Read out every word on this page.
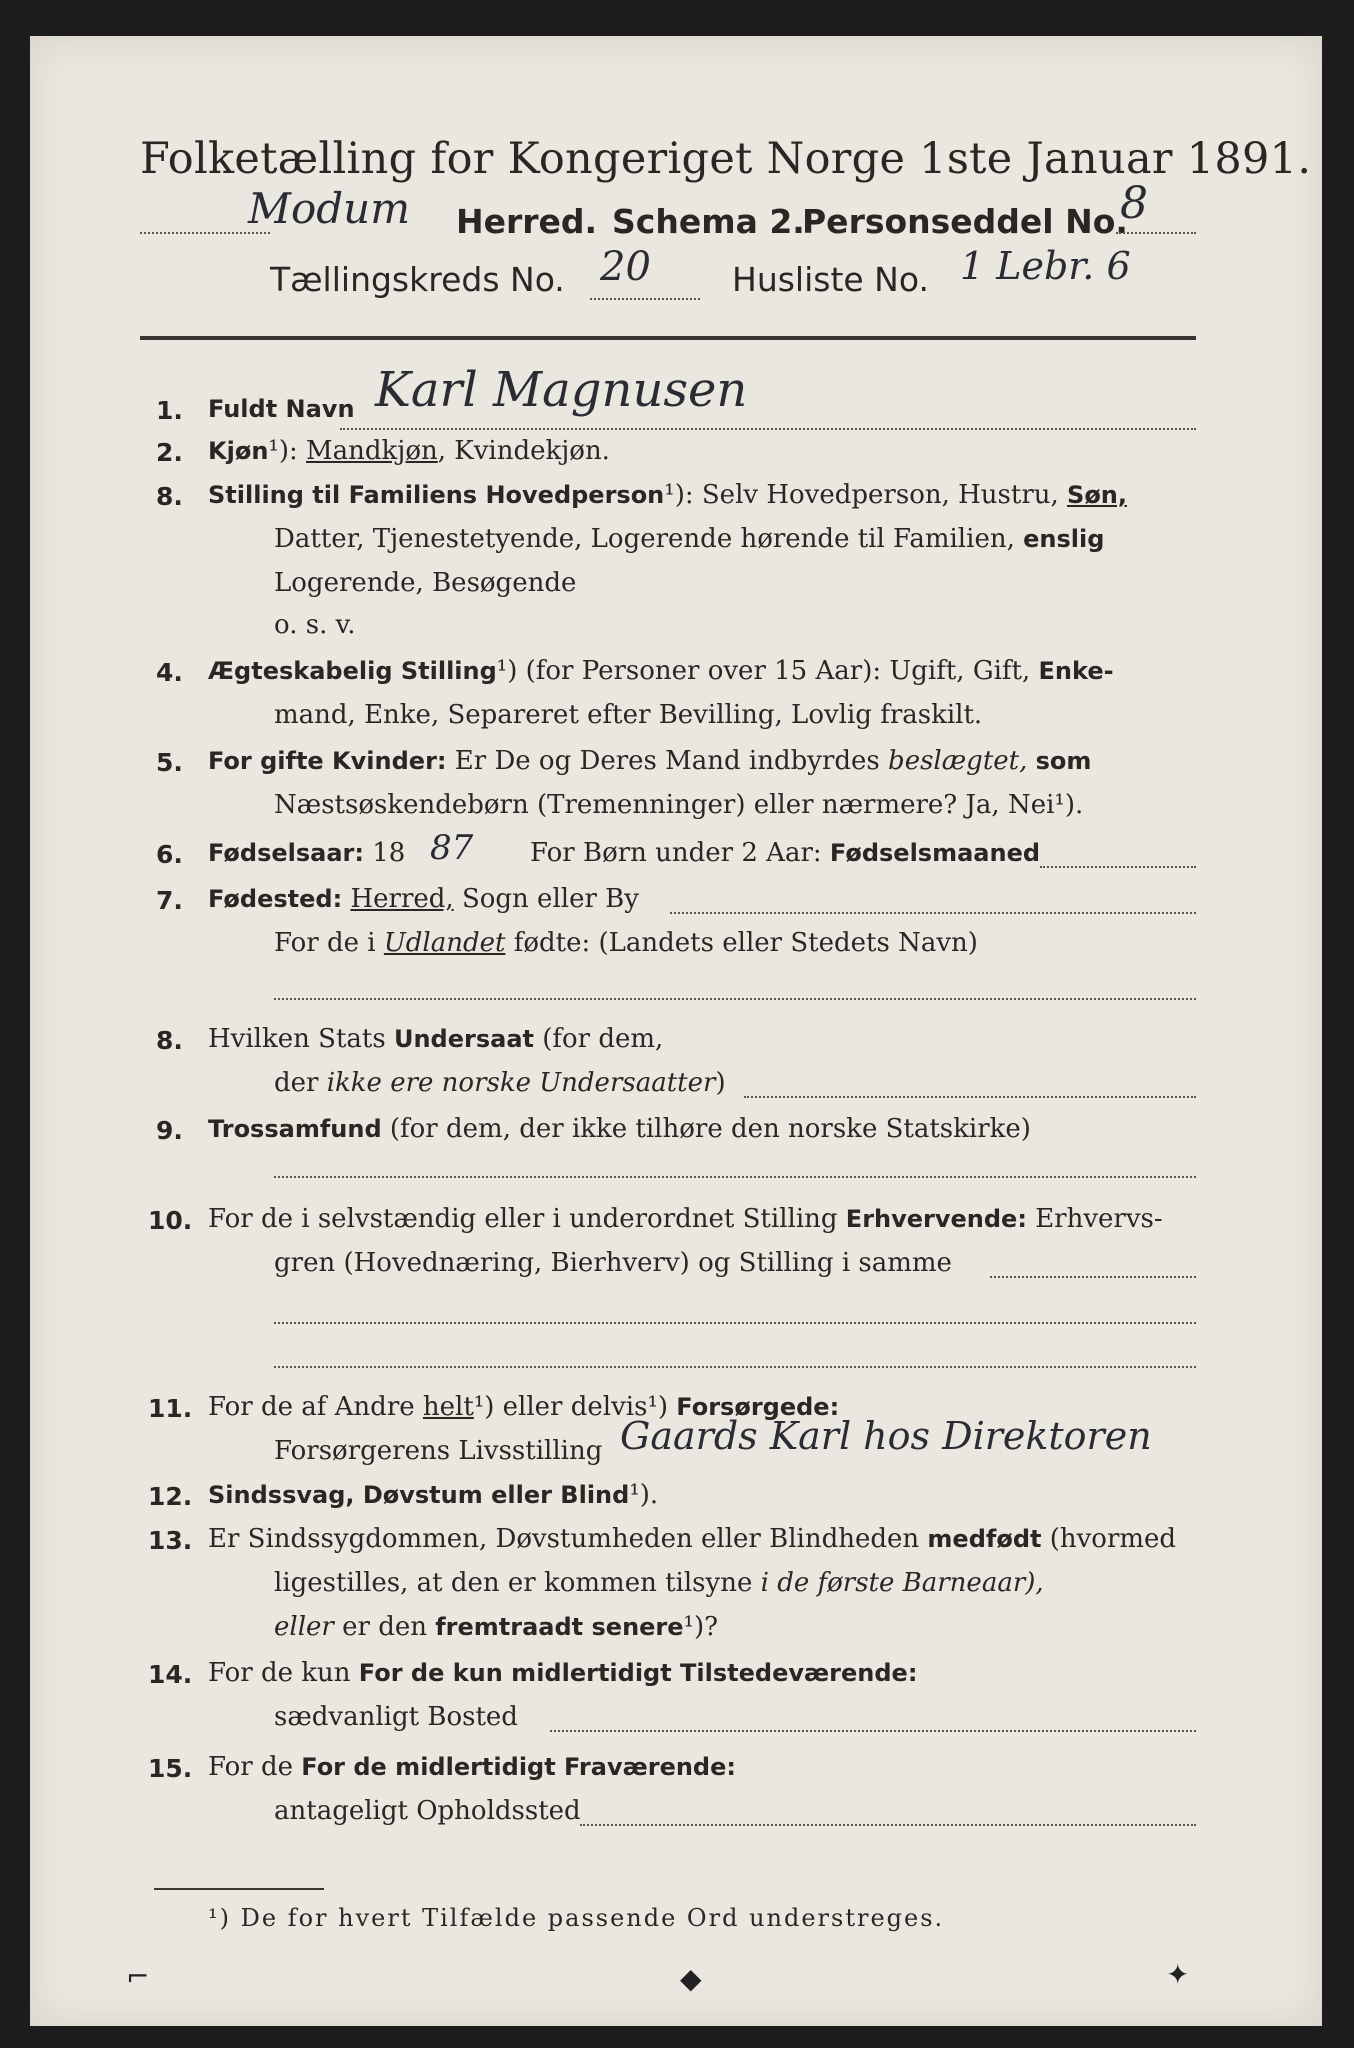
Folketælling for Kongeriget Norge 1ste Januar 1891.
Modum Herred. Schema 2.
Personseddel No.
8
Tællingskreds No. 20 Husliste No. 1 Lebr. 6
1. Fuldt Navn Karl Magnusen
2. Kjøn¹): Mandkjøn, Kvindekjøn.
8. Stilling til Familiens Hovedperson¹): Selv Hovedperson, Hustru, Søn,
Datter, Tjenestetyende, Logerende hørende til Familien, enslig
Logerende, Besøgende
o. s. v.
4. Ægteskabelig Stilling¹) (for Personer over 15 Aar): Ugift, Gift, Enke-
mand, Enke, Separeret efter Bevilling, Lovlig fraskilt.
5. For gifte Kvinder: Er De og Deres Mand indbyrdes beslægtet, som
Næstsøskendebørn (Tremenninger) eller nærmere? Ja, Nei¹).
6. Fødselsaar: 18 87 For Børn under 2 Aar: Fødselsmaaned
7. Fødested: Herred, Sogn eller By
For de i Udlandet fødte: (Landets eller Stedets Navn)
8. Hvilken Stats Undersaat (for dem,
der ikke ere norske Undersaatter)
9. Trossamfund (for dem, der ikke tilhøre den norske Statskirke)
10. For de i selvstændig eller i underordnet Stilling Erhvervende: Erhvervs-
gren (Hovednæring, Bierhverv) og Stilling i samme
11. For de af Andre helt¹) eller delvis¹) Forsørgede:
Forsørgerens Livsstilling Gaards Karl hos Direktoren
12. Sindssvag, Døvstum eller Blind¹).
13. Er Sindssygdommen, Døvstumheden eller Blindheden medfødt (hvormed
ligestilles, at den er kommen tilsyne i de første Barneaar),
eller er den fremtraadt senere¹)?
14. For de kun For de kun midlertidigt Tilstedeværende:
sædvanligt Bosted
15. For de For de midlertidigt Fraværende:
antageligt Opholdssted
¹) De for hvert Tilfælde passende Ord understreges.
⌐	◆	✦
